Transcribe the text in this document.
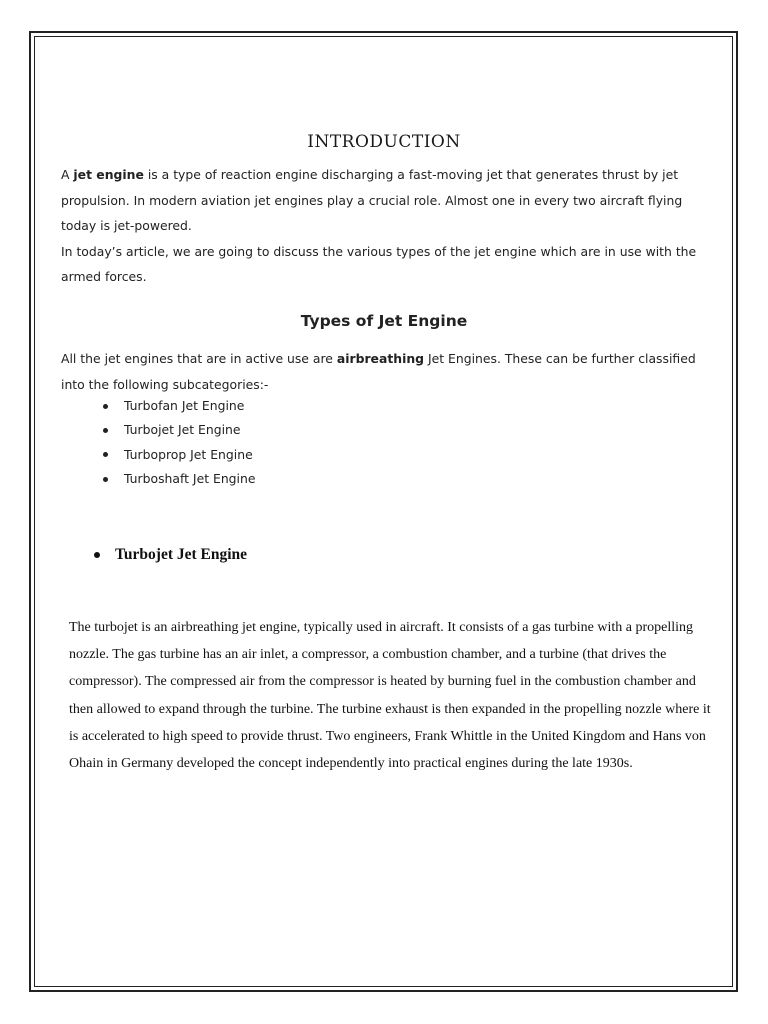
INTRODUCTION

A jet engine is a type of reaction engine discharging a fast-moving jet that generates thrust by jet propulsion. In modern aviation jet engines play a crucial role. Almost one in every two aircraft flying today is jet-powered.
In today’s article, we are going to discuss the various types of the jet engine which are in use with the armed forces.

Types of Jet Engine

All the jet engines that are in active use are airbreathing Jet Engines. These can be further classified into the following subcategories:-

Turbofan Jet Engine
Turbojet Jet Engine
Turboprop Jet Engine
Turboshaft Jet Engine
Turbojet Jet Engine

The turbojet is an airbreathing jet engine, typically used in aircraft. It consists of a gas turbine with a propelling nozzle. The gas turbine has an air inlet, a compressor, a combustion chamber, and a turbine (that drives the compressor). The compressed air from the compressor is heated by burning fuel in the combustion chamber and then allowed to expand through the turbine. The turbine exhaust is then expanded in the propelling nozzle where it is accelerated to high speed to provide thrust. Two engineers, Frank Whittle in the United Kingdom and Hans von Ohain in Germany developed the concept independently into practical engines during the late 1930s.
